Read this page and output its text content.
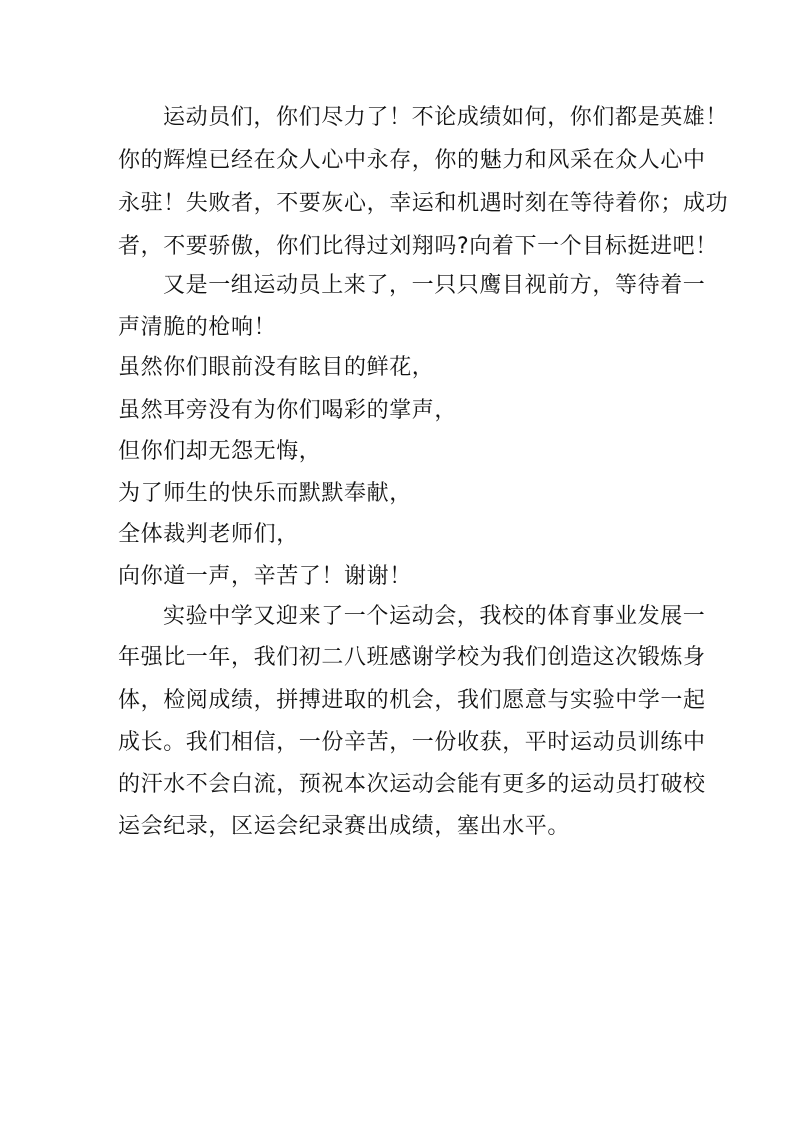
运动员们，你们尽力了！不论成绩如何，你们都是英雄！

你的辉煌已经在众人心中永存，你的魅力和风采在众人心中

永驻！失败者，不要灰心，幸运和机遇时刻在等待着你；成功

者，不要骄傲，你们比得过刘翔吗?向着下一个目标挺进吧！

又是一组运动员上来了，一只只鹰目视前方，等待着一

声清脆的枪响！

虽然你们眼前没有眩目的鲜花，

虽然耳旁没有为你们喝彩的掌声，

但你们却无怨无悔，

为了师生的快乐而默默奉献，

全体裁判老师们，

向你道一声，辛苦了！谢谢！

实验中学又迎来了一个运动会，我校的体育事业发展一

年强比一年，我们初二八班感谢学校为我们创造这次锻炼身

体，检阅成绩，拼搏进取的机会，我们愿意与实验中学一起

成长。我们相信，一份辛苦，一份收获，平时运动员训练中

的汗水不会白流，预祝本次运动会能有更多的运动员打破校

运会纪录，区运会纪录赛出成绩，塞出水平。
